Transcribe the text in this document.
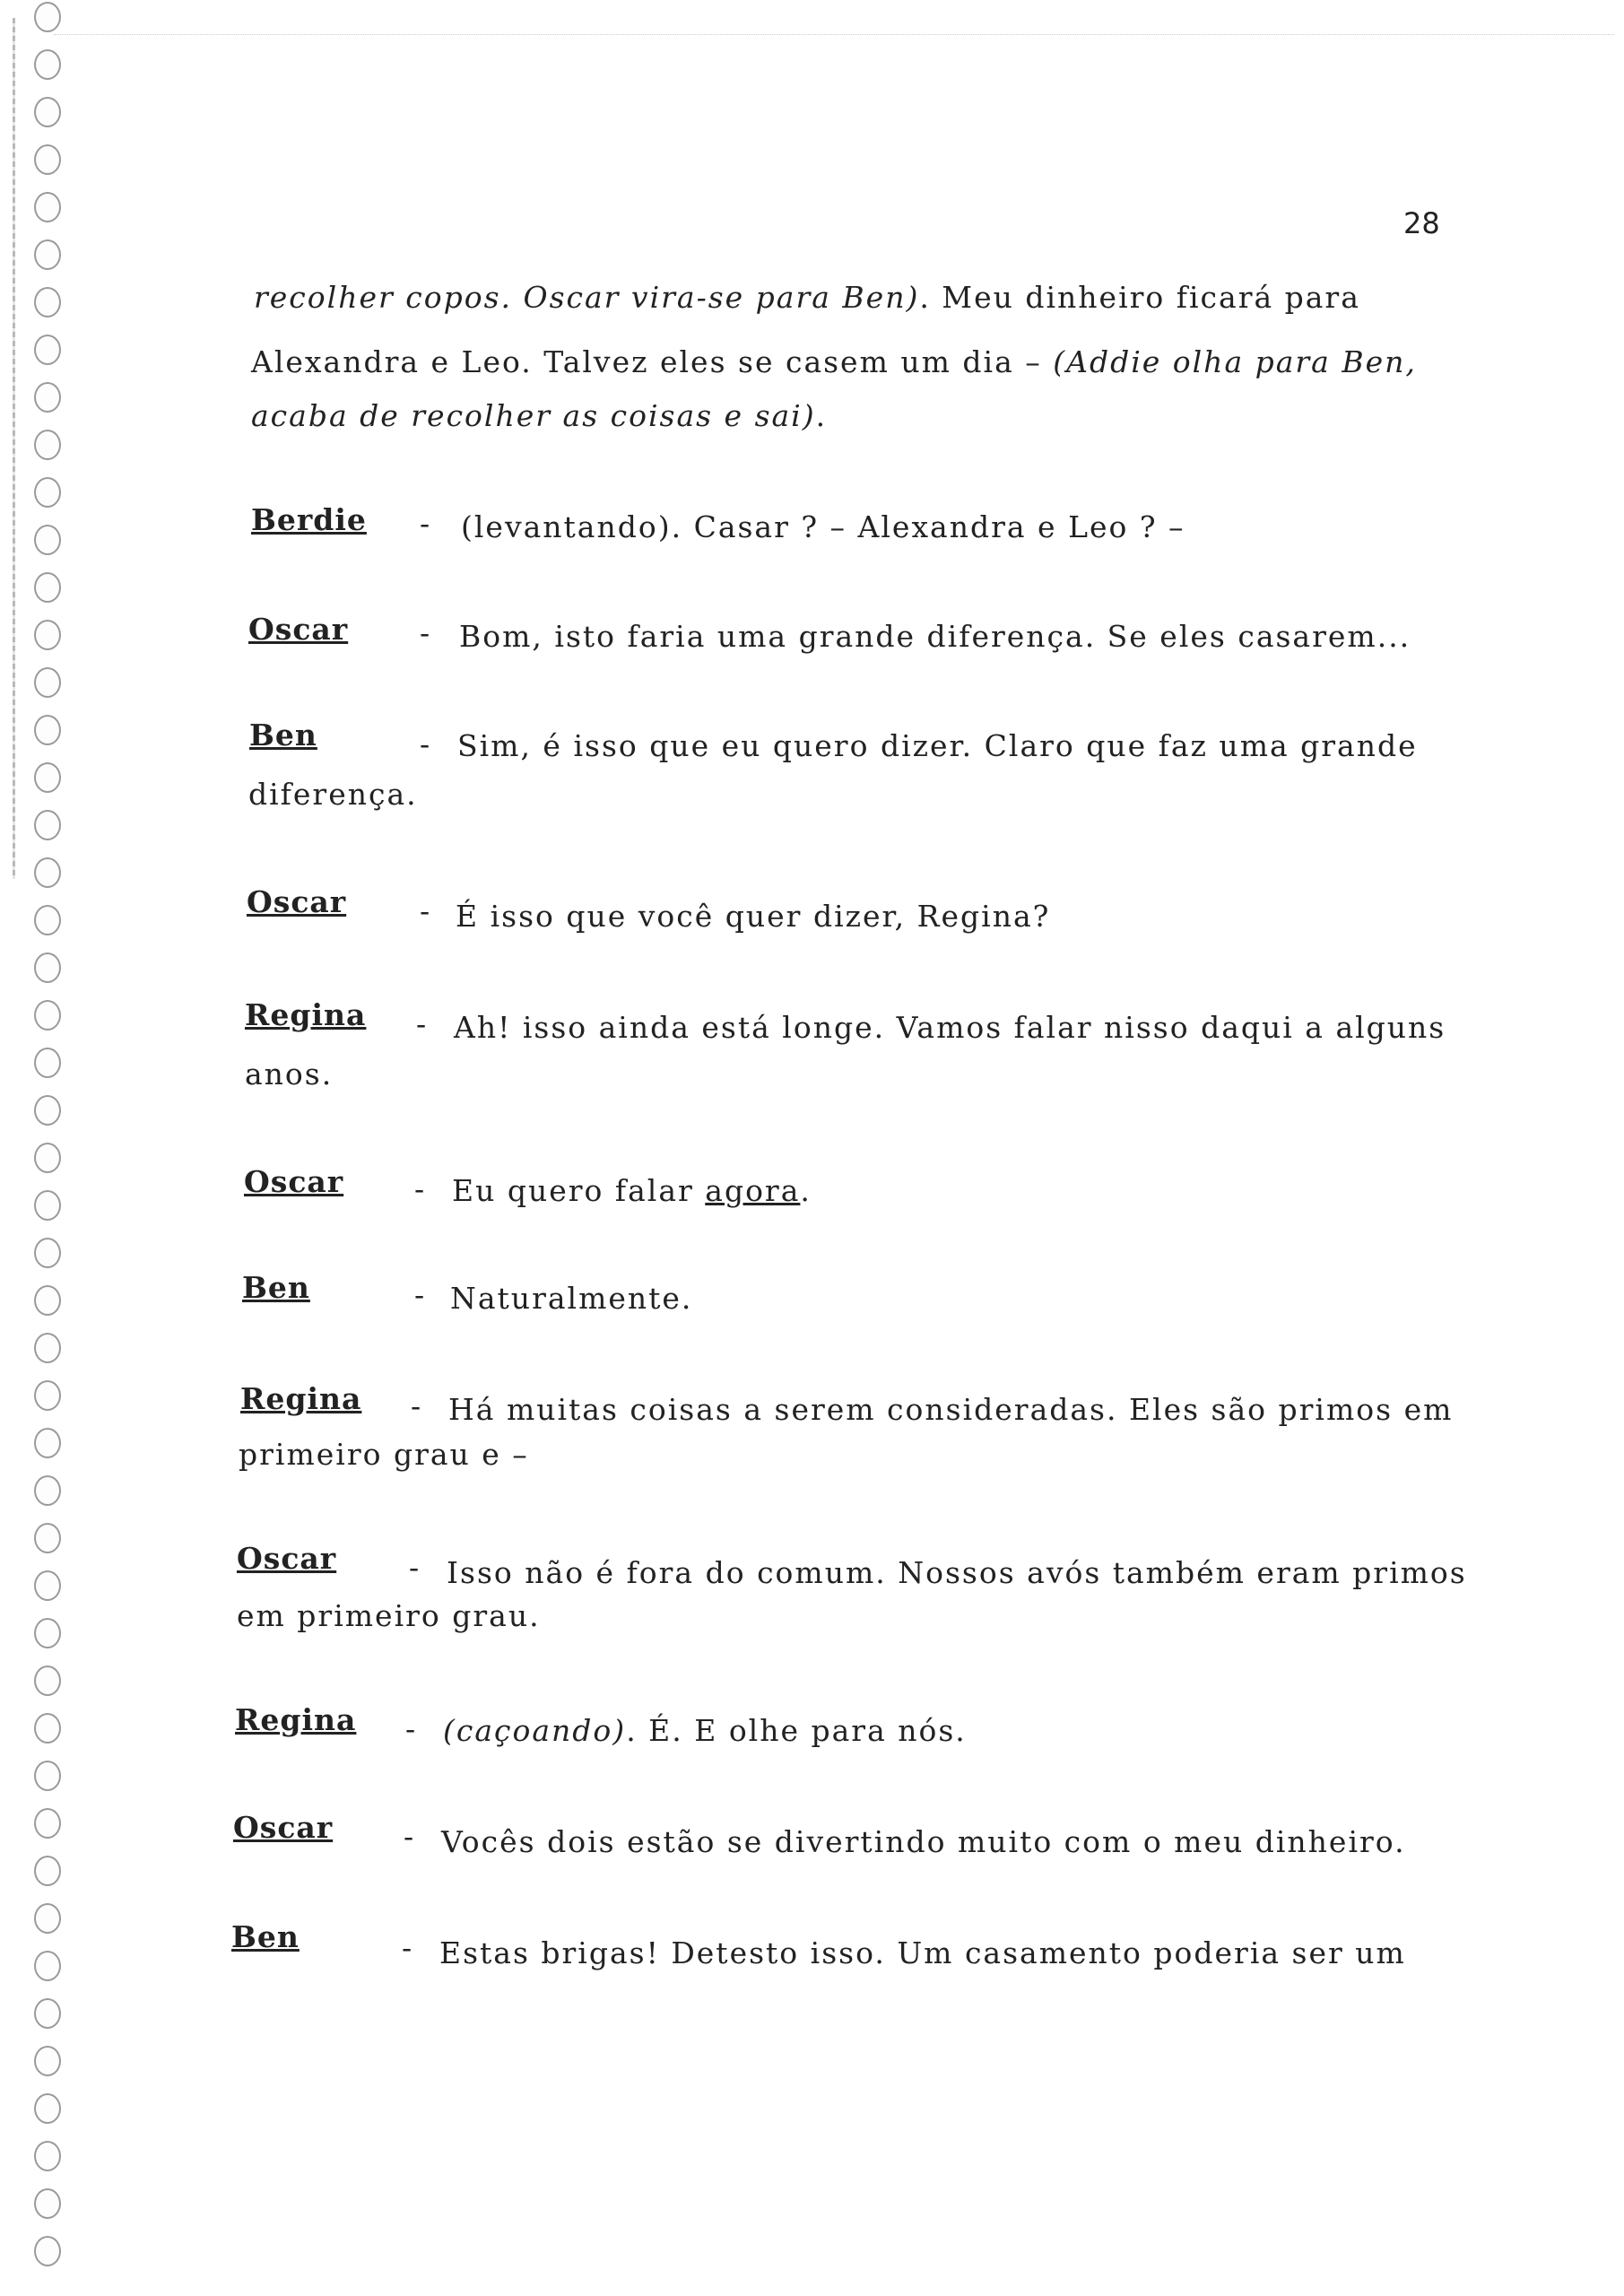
28
recolher copos. Oscar vira-se para Ben). Meu dinheiro ficará para
Alexandra e Leo. Talvez eles se casem um dia – (Addie olha para Ben,
acaba de recolher as coisas e sai).
Berdie - (levantando). Casar ? – Alexandra e Leo ? –
Oscar - Bom, isto faria uma grande diferença. Se eles casarem...
Ben	- Sim, é isso que eu quero dizer. Claro que faz uma grande
diferença.
Oscar - É isso que você quer dizer, Regina?
Regina - Ah! isso ainda está longe. Vamos falar nisso daqui a alguns
anos.
Oscar - Eu quero falar agora.
Ben	- Naturalmente.
Regina - Há muitas coisas a serem consideradas. Eles são primos em
primeiro grau e –
Oscar - Isso não é fora do comum. Nossos avós também eram primos
em primeiro grau.
Regina - (caçoando). É. E olhe para nós.
Oscar - Vocês dois estão se divertindo muito com o meu dinheiro.
Ben	- Estas brigas! Detesto isso. Um casamento poderia ser um
